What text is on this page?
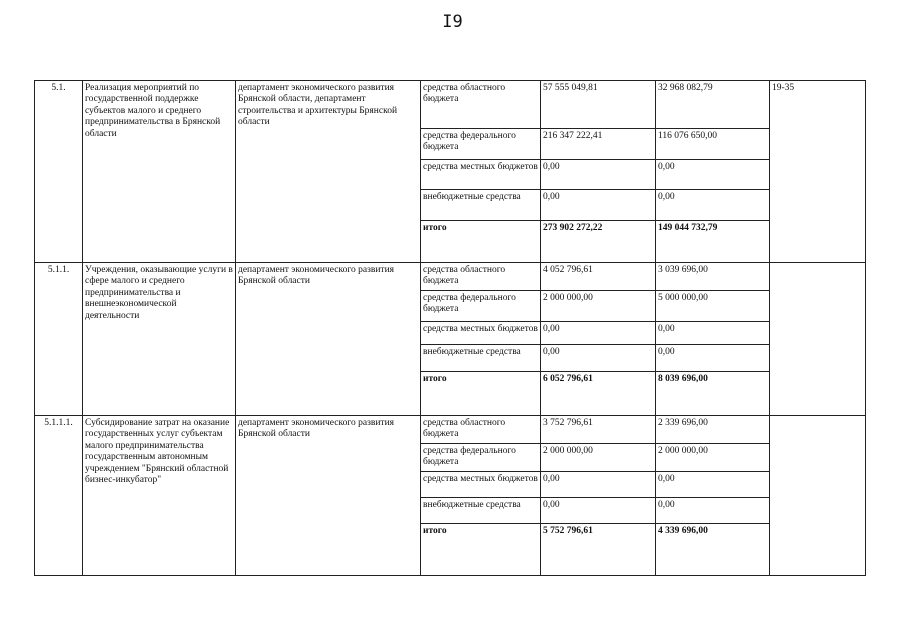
I9
5.1.	Реализация мероприятий по государственной поддержке субъектов малого и среднего предпринимательства в Брянской области	департамент экономического развития Брянской области, департамент строительства и архитектуры Брянской области	средства областного бюджета	57 555 049,81	32 968 082,79	19-35
			средства федерального бюджета	216 347 222,41	116 076 650,00	
			средства местных бюджетов	0,00	0,00	
			внебюджетные средства	0,00	0,00	
			итого	273 902 272,22	149 044 732,79	
5.1.1.	Учреждения, оказывающие услуги в сфере малого и среднего предпринимательства и внешнеэкономической деятельности	департамент экономического развития Брянской области	средства областного бюджета	4 052 796,61	3 039 696,00	
			средства федерального бюджета	2 000 000,00	5 000 000,00	
			средства местных бюджетов	0,00	0,00	
			внебюджетные средства	0,00	0,00	
			итого	6 052 796,61	8 039 696,00	
5.1.1.1.	Субсидирование затрат на оказание государственных услуг субъектам малого предпринимательства государственным автономным учреждением "Брянский областной бизнес-инкубатор"	департамент экономического развития Брянской области	средства областного бюджета	3 752 796,61	2 339 696,00	
			средства федерального бюджета	2 000 000,00	2 000 000,00	
			средства местных бюджетов	0,00	0,00	
			внебюджетные средства	0,00	0,00	
			итого	5 752 796,61	4 339 696,00	
